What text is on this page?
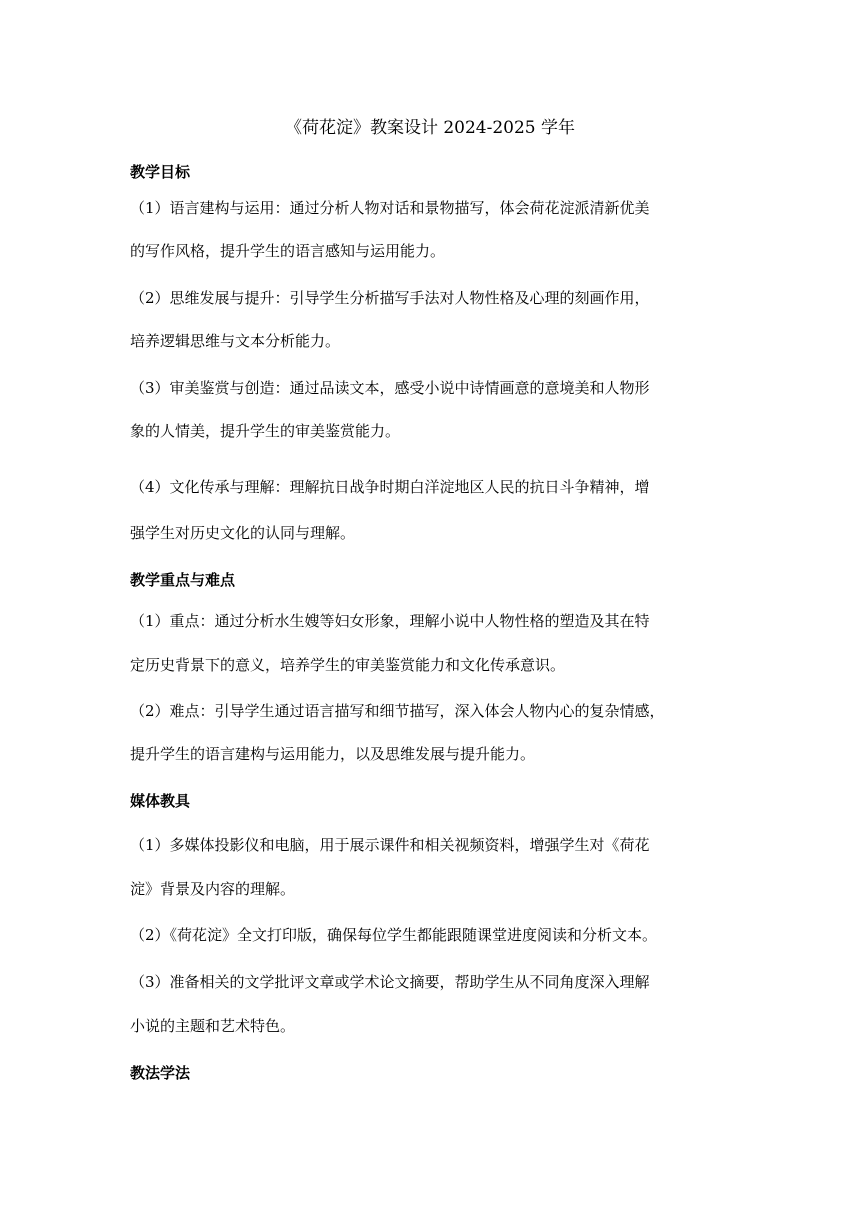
《荷花淀》教案设计 2024-2025 学年
教学目标
（1）语言建构与运用：通过分析人物对话和景物描写，体会荷花淀派清新优美
的写作风格，提升学生的语言感知与运用能力。
（2）思维发展与提升：引导学生分析描写手法对人物性格及心理的刻画作用，
培养逻辑思维与文本分析能力。
（3）审美鉴赏与创造：通过品读文本，感受小说中诗情画意的意境美和人物形
象的人情美，提升学生的审美鉴赏能力。
（4）文化传承与理解：理解抗日战争时期白洋淀地区人民的抗日斗争精神，增
强学生对历史文化的认同与理解。
教学重点与难点
（1）重点：通过分析水生嫂等妇女形象，理解小说中人物性格的塑造及其在特
定历史背景下的意义，培养学生的审美鉴赏能力和文化传承意识。
（2）难点：引导学生通过语言描写和细节描写，深入体会人物内心的复杂情感，
提升学生的语言建构与运用能力，以及思维发展与提升能力。
媒体教具
（1）多媒体投影仪和电脑，用于展示课件和相关视频资料，增强学生对《荷花
淀》背景及内容的理解。
（2）《荷花淀》全文打印版，确保每位学生都能跟随课堂进度阅读和分析文本。
（3）准备相关的文学批评文章或学术论文摘要，帮助学生从不同角度深入理解
小说的主题和艺术特色。
教法学法
